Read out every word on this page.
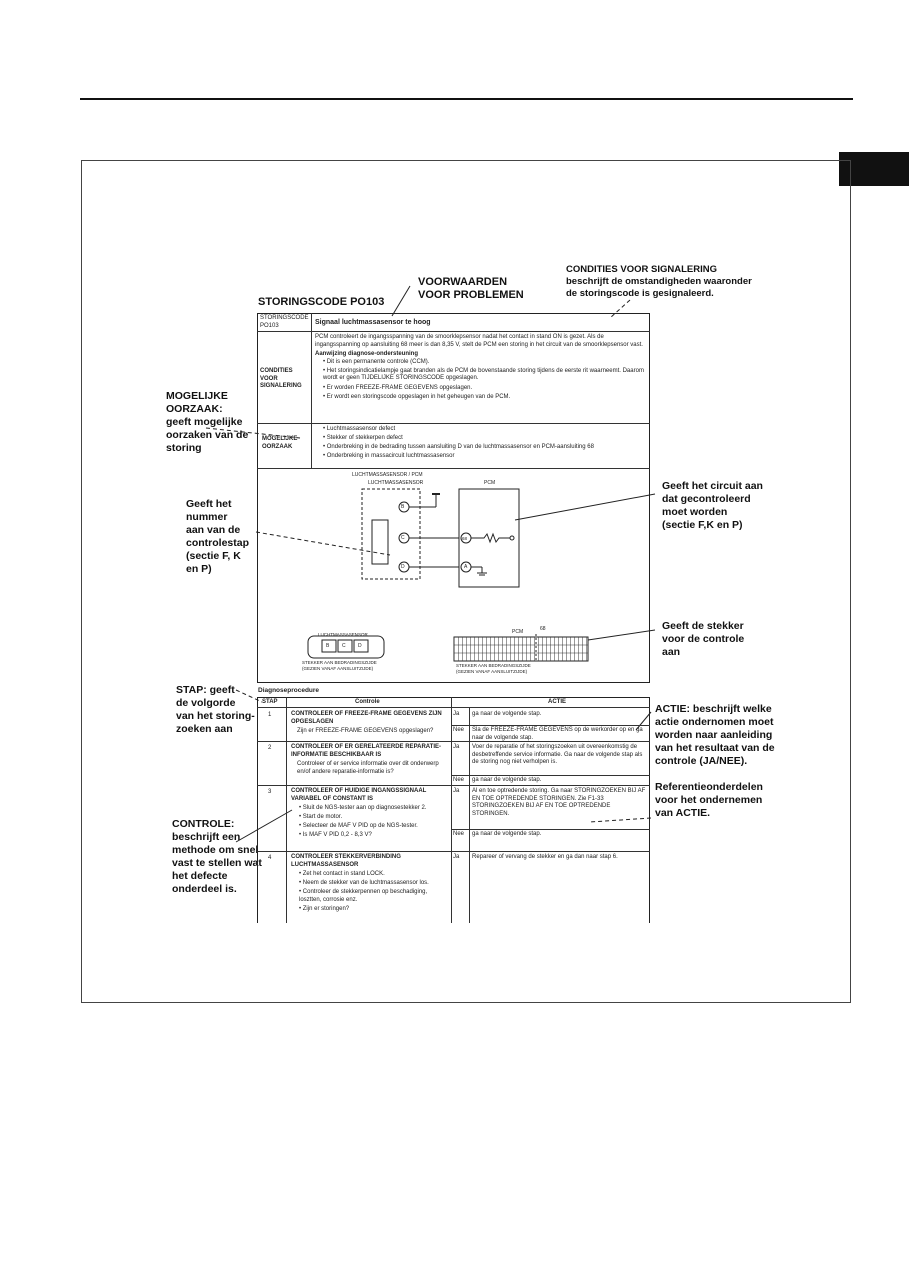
VOORWAARDEN
VOOR PROBLEMEN
CONDITIES VOOR SIGNALERING
beschrijft de omstandigheden waaronder
de storingscode is gesignaleerd.
STORINGSCODE PO103
MOGELIJKE
OORZAAK:
geeft mogelijke
oorzaken van de
storing
Geeft het
nummer
aan van de
controlestap
(sectie F, K
en P)
Geeft het circuit aan
dat gecontroleerd
moet worden
(sectie F,K en P)
Geeft de stekker
voor de controle
aan
STAP: geeft
de volgorde
van het storing-
zoeken aan
ACTIE: beschrijft welke
actie ondernomen moet
worden naar aanleiding
van het resultaat van de
controle (JA/NEE).
Referentieonderdelen
voor het ondernemen
van ACTIE.
CONTROLE:
beschrijft een
methode om snel
vast te stellen wat
het defecte
onderdeel is.
STORINGSCODE
PO103	Signaal luchtmassasensor te hoog
CONDITIES
VOOR
SIGNALERING
PCM controleert de ingangsspanning van de smoorklepsensor nadat het contact in stand ON is gezet. Als de ingangsspanning op aansluiting 68 meer is dan 8,35 V, stelt de PCM een storing in het circuit van de smoorklepsensor vast.
Aanwijzing diagnose-ondersteuning
• Dit is een permanente controle (CCM).
• Het storingsindicatielampje gaat branden als de PCM de bovenstaande storing tijdens de eerste rit waarneemt. Daarom wordt er geen TIJDELIJKE STORINGSCODE opgeslagen.
• Er worden FREEZE-FRAME GEGEVENS opgeslagen.
• Er wordt een storingscode opgeslagen in het geheugen van de PCM.
MOGELIJKE
OORZAAK
• Luchtmassasensor defect
• Stekker of stekkerpen defect
• Onderbreking in de bedrading tussen aansluiting D van de luchtmassasensor en PCM-aansluiting 68
• Onderbreking in massacircuit luchtmassasensor
LUCHTMASSASENSOR / PCM
LUCHTMASSASENSOR	PCM
B
C
D
68
A
LUCHTMASSASENSOR
B	C D
STEKKER AAN BEDRADINGSZIJDE
(GEZIEN VANAF AANSLUITZIJDE)
PCM	68
STEKKER AAN BEDRADINGSZIJDE
(GEZIEN VANAF AANSLUITZIJDE)
Diagnoseprocedure
STAP	Controle	ACTIE
1	CONTROLEER OF FREEZE-FRAME GEGEVENS ZIJN OPGESLAGEN
Zijn er FREEZE-FRAME GEGEVENS opgeslagen?
Ja ga naar de volgende stap.
Nee Sla de FREEZE-FRAME GEGEVENS op de werkorder op en ga naar de volgende stap.
2	CONTROLEER OF ER GERELATEERDE REPARATIE-INFORMATIE BESCHIKBAAR IS
Controleer of er service informatie over dit onderwerp en/of andere reparatie-informatie is?
Ja Voer de reparatie of het storingszoeken uit overeenkomstig de desbetreffende service informatie. Ga naar de volgende stap als de storing nog niet verholpen is.
Nee ga naar de volgende stap.
3	CONTROLEER OF HUIDIGE INGANGSSIGNAAL VARIABEL OF CONSTANT IS
• Sluit de NGS-tester aan op diagnosestekker 2.
• Start de motor.
• Selecteer de MAF V PID op de NGS-tester.
• Is MAF V PID 0,2 - 8,3 V?
Ja Al en toe optredende storing. Ga naar STORINGZOEKEN BIJ AF EN TOE OPTREDENDE STORINGEN. Zie F1-33 STORINGZOEKEN BIJ AF EN TOE OPTREDENDE STORINGEN.
Nee ga naar de volgende stap.
4	CONTROLEER STEKKERVERBINDING LUCHTMASSASENSOR
• Zet het contact in stand LOCK.
• Neem de stekker van de luchtmassasensor los.
• Controleer de stekkerpennen op beschadiging, losztten, corrosie enz.
• Zijn er storingen?
Ja Repareer of vervang de stekker en ga dan naar stap 6.
